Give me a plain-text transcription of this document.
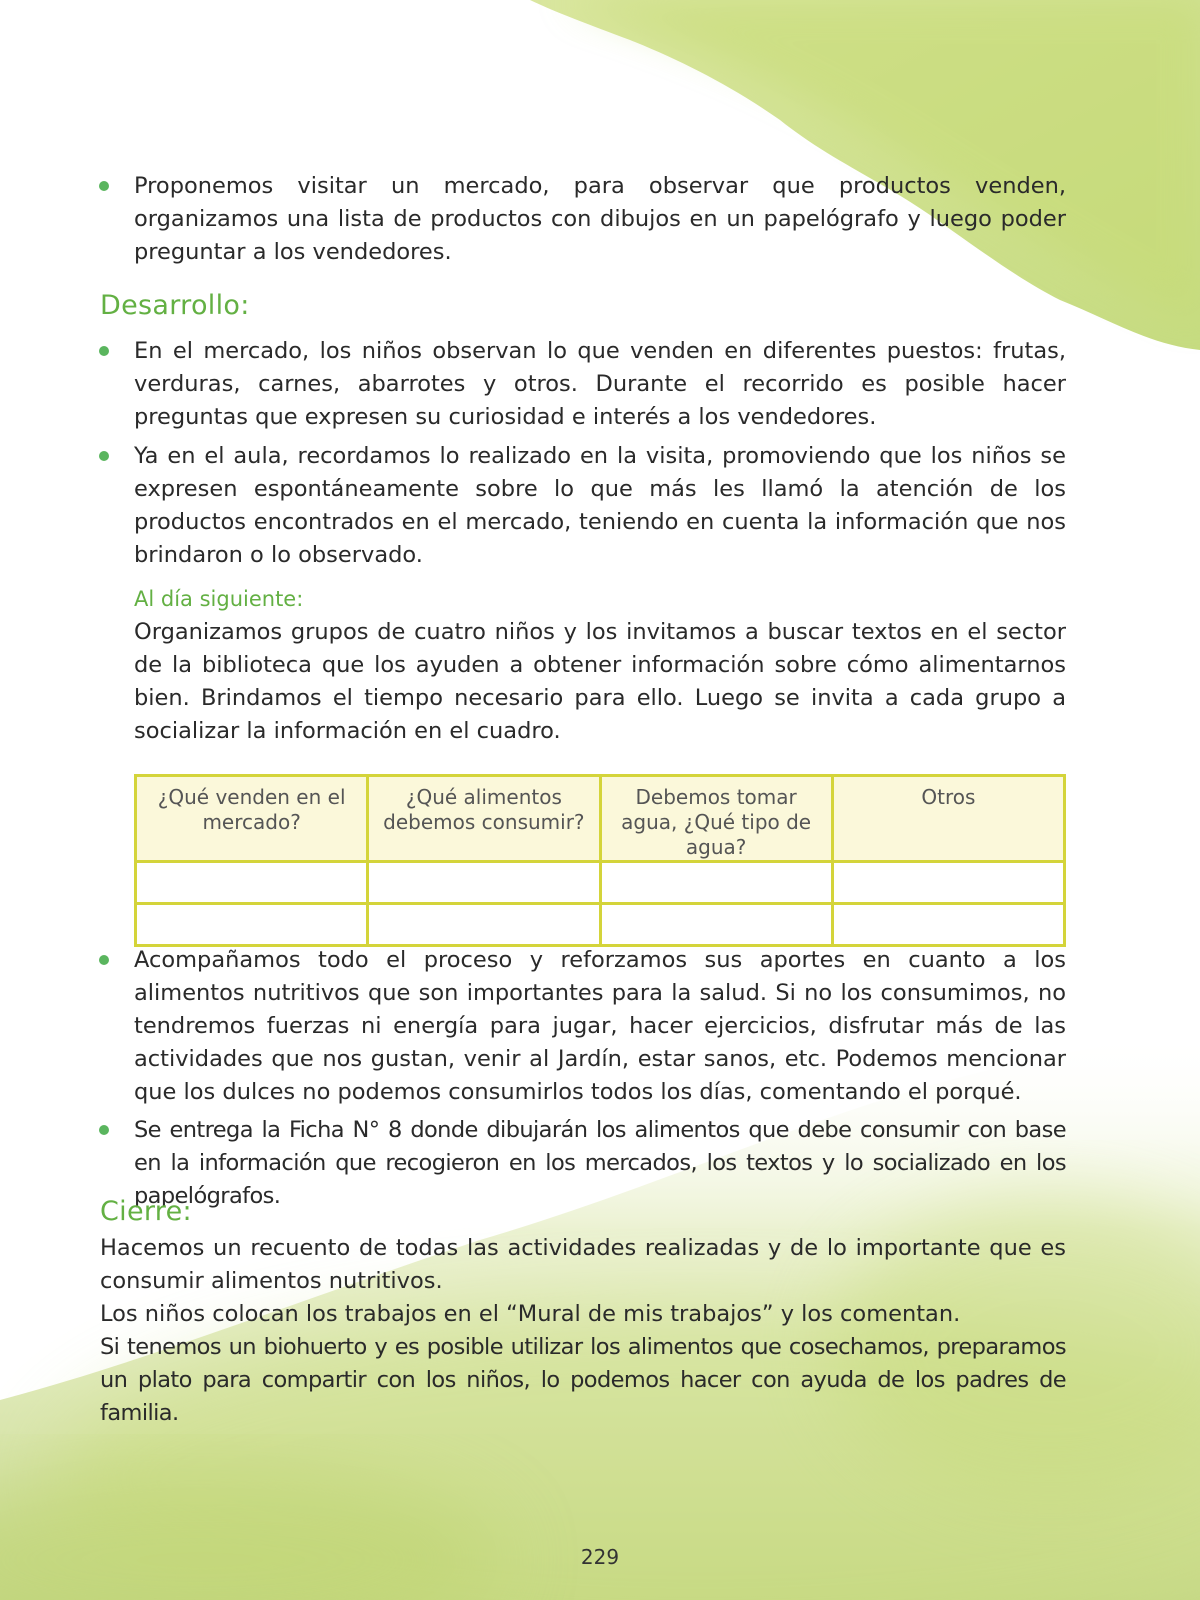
Proponemos visitar un mercado, para observar que productos venden, organizamos una lista de productos con dibujos en un papelógrafo y luego poder preguntar a los vendedores.

Desarrollo:

En el mercado, los niños observan lo que venden en diferentes puestos: frutas, verduras, carnes, abarrotes y otros. Durante el recorrido es posible hacer preguntas que expresen su curiosidad e interés a los vendedores.

Ya en el aula, recordamos lo realizado en la visita, promoviendo que los niños se expresen espontáneamente sobre lo que más les llamó la atención de los productos encontrados en el mercado, teniendo en cuenta la información que nos brindaron o lo observado.

Al día siguiente:

Organizamos grupos de cuatro niños y los invitamos a buscar textos en el sector de la biblioteca que los ayuden a obtener información sobre cómo alimentarnos bien. Brindamos el tiempo necesario para ello. Luego se invita a cada grupo a socializar la información en el cuadro.

¿Qué venden en el mercado?	¿Qué alimentos debemos consumir?	Debemos tomar agua, ¿Qué tipo de agua?	Otros

Acompañamos todo el proceso y reforzamos sus aportes en cuanto a los alimentos nutritivos que son importantes para la salud. Si no los consumimos, no tendremos fuerzas ni energía para jugar, hacer ejercicios, disfrutar más de las actividades que nos gustan, venir al Jardín, estar sanos, etc. Podemos mencionar que los dulces no podemos consumirlos todos los días, comentando el porqué.

Se entrega la Ficha N° 8 donde dibujarán los alimentos que debe consumir con base en la información que recogieron en los mercados, los textos y lo socializado en los papelógrafos.

Cierre:

Hacemos un recuento de todas las actividades realizadas y de lo importante que es consumir alimentos nutritivos.

Los niños colocan los trabajos en el “Mural de mis trabajos” y los comentan.

Si tenemos un biohuerto y es posible utilizar los alimentos que cosechamos, preparamos un plato para compartir con los niños, lo podemos hacer con ayuda de los padres de familia.

229
